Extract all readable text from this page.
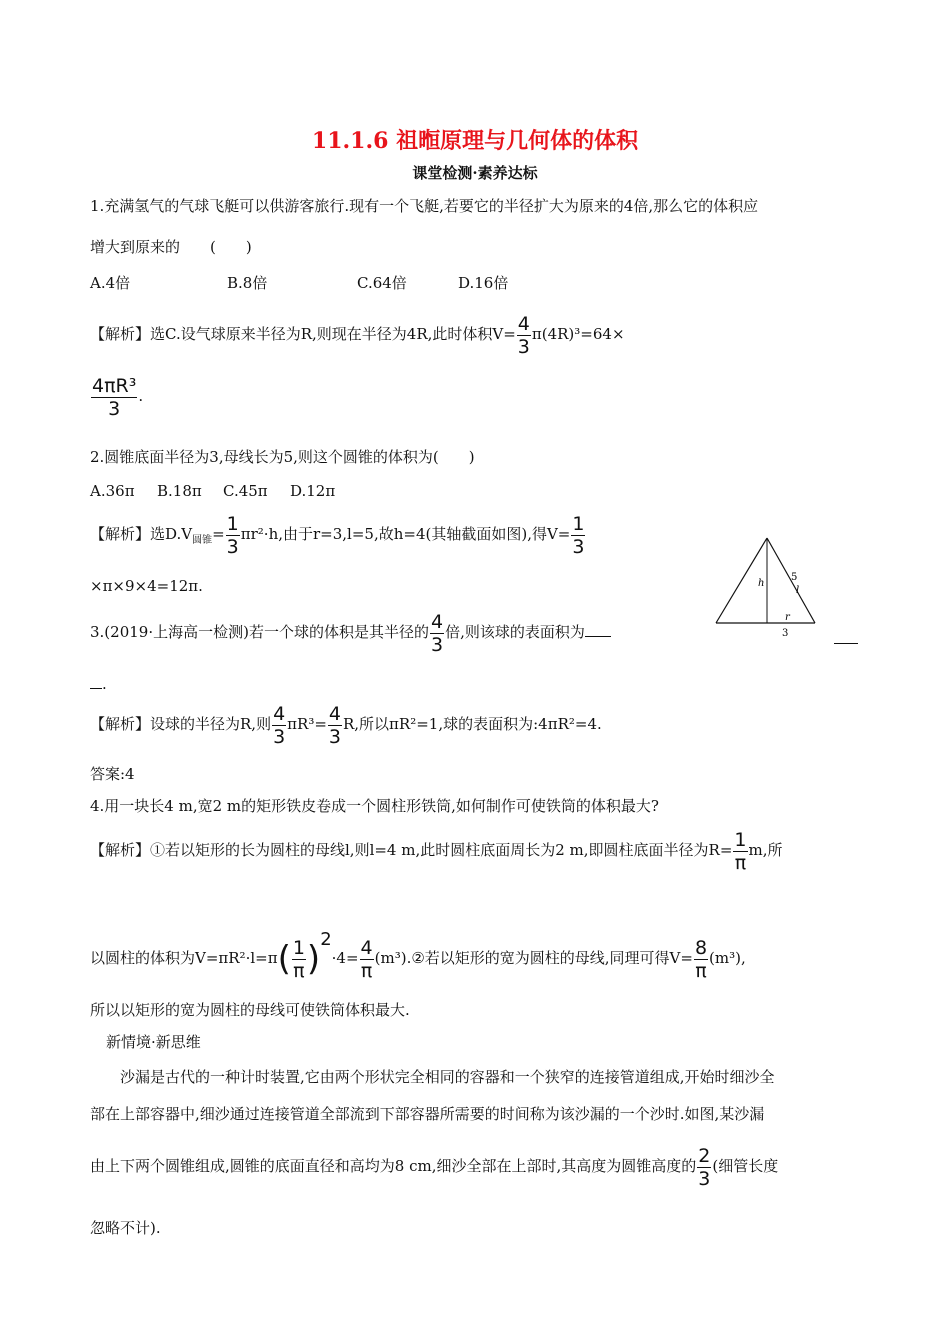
11.1.6 祖暅原理与几何体的体积
课堂检测·素养达标
1.充满氢气的气球飞艇可以供游客旅行.现有一个飞艇,若要它的半径扩大为原来的4倍,那么它的体积应
增大到原来的　　(　　)
A.4倍	B.8倍	C.64倍	D.16倍
【解析】选C.设气球原来半径为R,则现在半径为4R,此时体积$V= \frac{4}{3} \pi(4R)^3=64\times$
$\frac{\text{4πR³}}{3}$ .
2.圆锥底面半径为3,母线长为5,则这个圆锥的体积为(　　)
A.36π B.18π C.45π D.12π
【解析】选$D.V_{圆锥}= \frac{1}{3} \pi r^2\cdot h$,由于r=3,l=5,故h=4(其轴截面如图),得$V= \frac{1}{3}$
×π×9×4=12π.	h
5
l
r
3
3.(2019·上海高一检测)若一个球的体积是其半径的 $\frac{4}{3}$ 倍,则该球的表面积为
.
【解析】设球的半径为R,则 $\frac{4}{3} \pi R^3= \frac{4}{3} R$,所以πR²=1,球的表面积为:4πR²=4.
答案:4
4.用一块长4 m,宽2 m的矩形铁皮卷成一个圆柱形铁筒,如何制作可使铁筒的体积最大?
【解析】①若以矩形的长为圆柱的母线l,则l=4 m,此时圆柱底面周长为2 m,即圆柱底面半径为$R= \frac{1}{\pi} m$,所
以圆柱的体积为$V=\pi R^2\cdot l=\pi( \frac{1}{\pi} )2\cdot 4= \frac{4}{\pi}$ (m³).②若以矩形的宽为圆柱的母线,同理可得$V= \frac{8}{\pi} (m^3)$,
所以以矩形的宽为圆柱的母线可使铁筒体积最大.
新情境·新思维
沙漏是古代的一种计时装置,它由两个形状完全相同的容器和一个狭窄的连接管道组成,开始时细沙全
部在上部容器中,细沙通过连接管道全部流到下部容器所需要的时间称为该沙漏的一个沙时.如图,某沙漏
由上下两个圆锥组成,圆锥的底面直径和高均为8 cm,细沙全部在上部时,其高度为圆锥高度的 $\frac{2}{3}$ (细管长度
忽略不计).
